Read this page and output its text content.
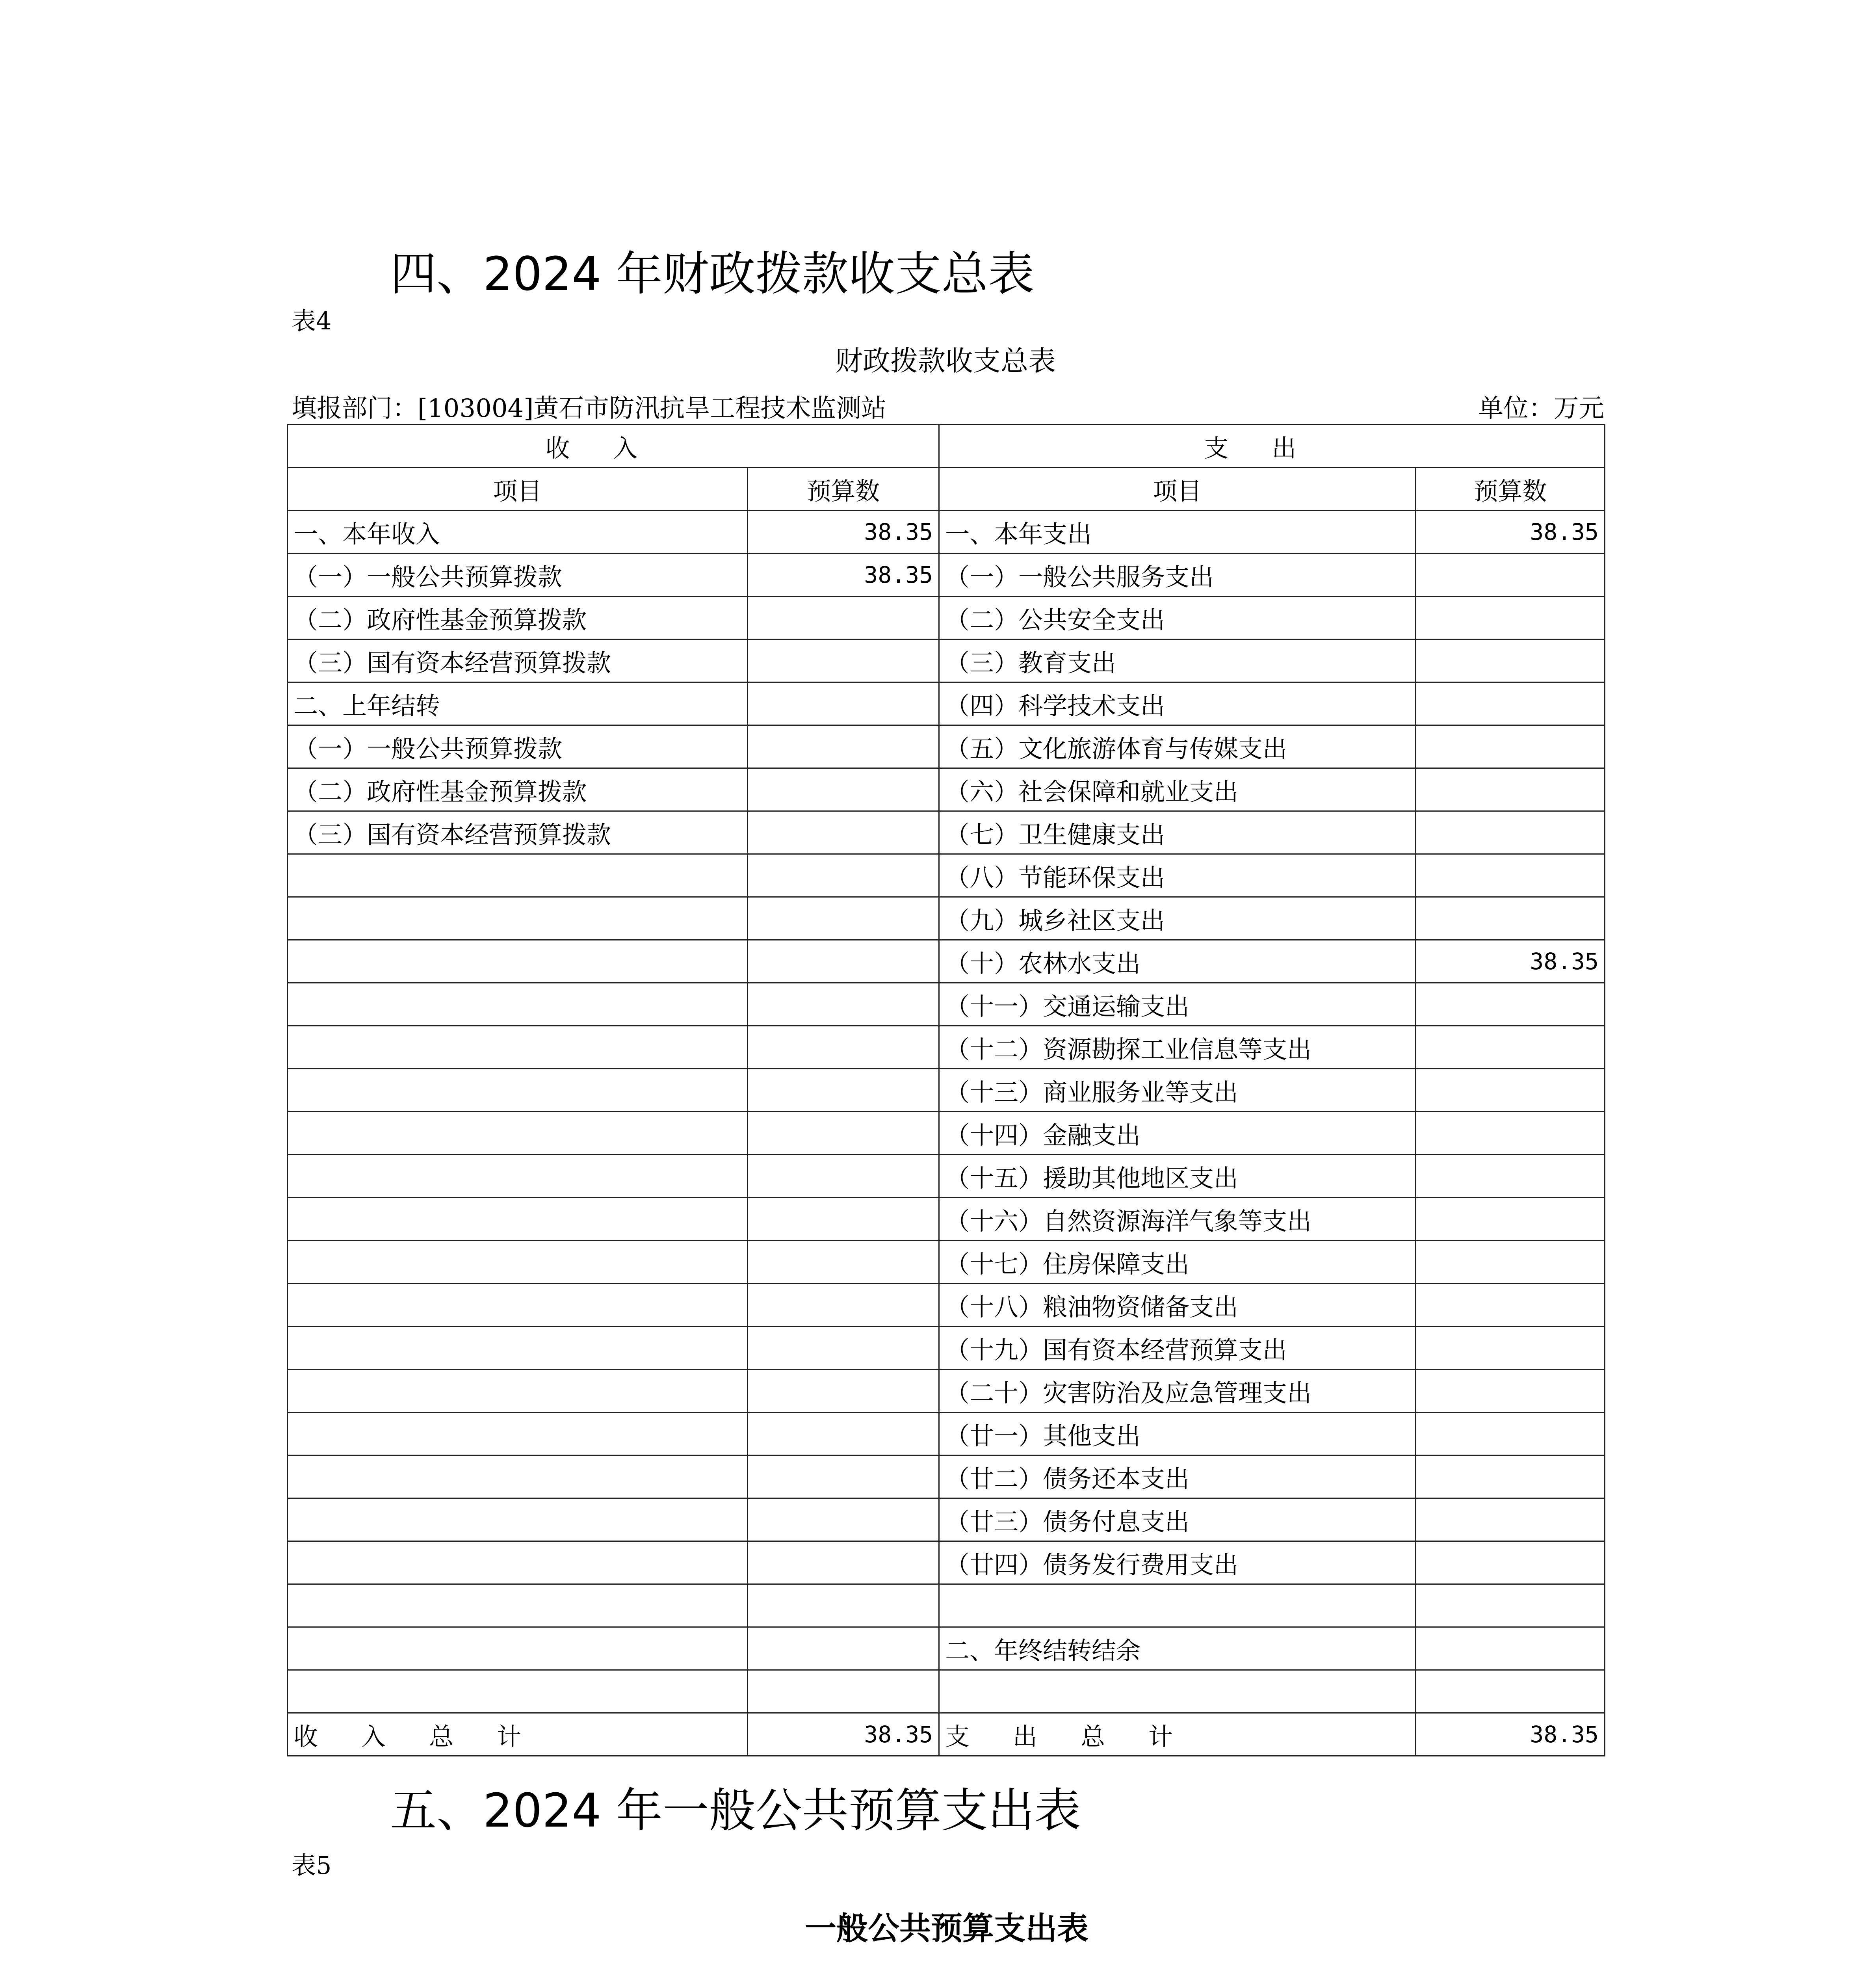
四、2024 年财政拨款收支总表
表4
财政拨款收支总表
填报部门：[103004]黄石市防汛抗旱工程技术监测站	单位：万元
收入		支出	
项目	预算数	项目	预算数
一、本年收入	38.35	一、本年支出	38.35
（一）一般公共预算拨款	38.35	（一）一般公共服务支出	
（二）政府性基金预算拨款		（二）公共安全支出	
（三）国有资本经营预算拨款		（三）教育支出	
二、上年结转		（四）科学技术支出	
（一）一般公共预算拨款		（五）文化旅游体育与传媒支出	
（二）政府性基金预算拨款		（六）社会保障和就业支出	
（三）国有资本经营预算拨款		（七）卫生健康支出	
		（八）节能环保支出	
		（九）城乡社区支出	
		（十）农林水支出	38.35
		（十一）交通运输支出	
		（十二）资源勘探工业信息等支出	
		（十三）商业服务业等支出	
		（十四）金融支出	
		（十五）援助其他地区支出	
		（十六）自然资源海洋气象等支出	
		（十七）住房保障支出	
		（十八）粮油物资储备支出	
		（十九）国有资本经营预算支出	
		（二十）灾害防治及应急管理支出	
		（廿一）其他支出	
		（廿二）债务还本支出	
		（廿三）债务付息支出	
		（廿四）债务发行费用支出	

		二、年终结转结余	

收入总计	38.35	支出总计	38.35
五、2024 年一般公共预算支出表
表5
一般公共预算支出表
